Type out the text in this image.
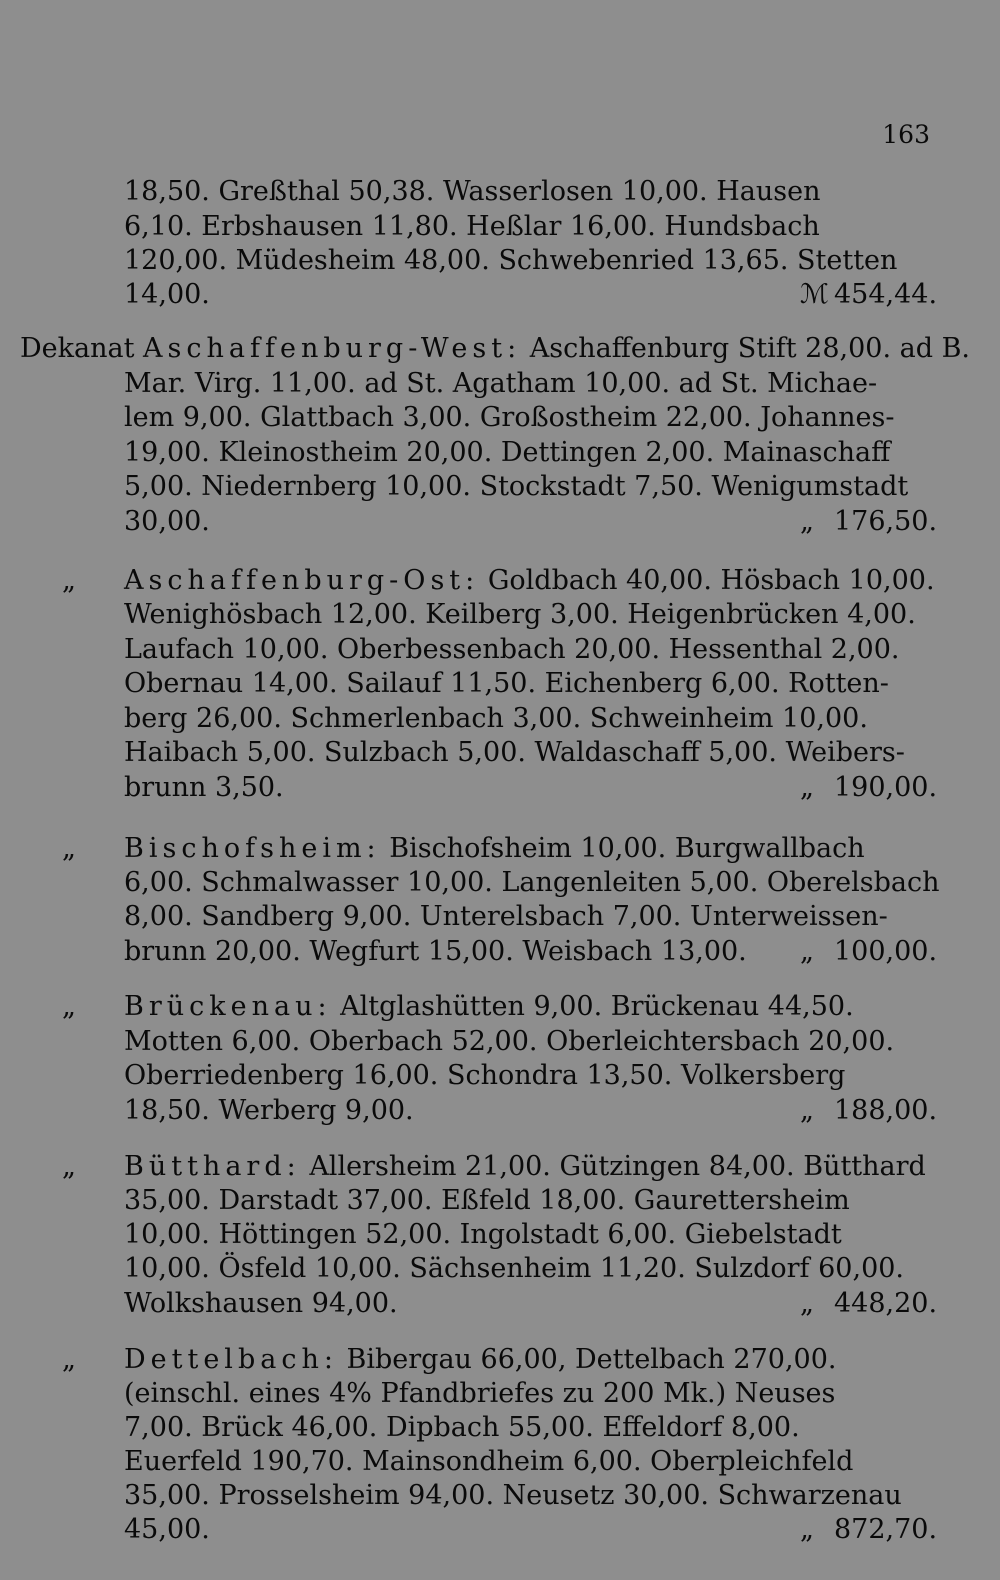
163
18,50. Greßthal 50,38. Wasserlosen 10,00. Hausen
6,10. Erbshausen 11,80. Heßlar 16,00. Hundsbach
120,00. Müdesheim 48,00. Schwebenried 13,65. Stetten
14,00.	ℳ 454,44.
Dekanat Aschaffenburg-West: Aschaffenburg Stift 28,00. ad B.
Mar. Virg. 11,00. ad St. Agatham 10,00. ad St. Michae-
lem 9,00. Glattbach 3,00. Großostheim 22,00. Johannes-
19,00. Kleinostheim 20,00. Dettingen 2,00. Mainaschaff
5,00. Niedernberg 10,00. Stockstadt 7,50. Wenigumstadt
30,00.	„ 176,50.
„	Aschaffenburg-Ost: Goldbach 40,00. Hösbach 10,00.
Wenighösbach 12,00. Keilberg 3,00. Heigenbrücken 4,00.
Laufach 10,00. Oberbessenbach 20,00. Hessenthal 2,00.
Obernau 14,00. Sailauf 11,50. Eichenberg 6,00. Rotten-
berg 26,00. Schmerlenbach 3,00. Schweinheim 10,00.
Haibach 5,00. Sulzbach 5,00. Waldaschaff 5,00. Weibers-
brunn 3,50.	„ 190,00.
„	Bischofsheim: Bischofsheim 10,00. Burgwallbach
6,00. Schmalwasser 10,00. Langenleiten 5,00. Oberelsbach
8,00. Sandberg 9,00. Unterelsbach 7,00. Unterweissen-
brunn 20,00. Wegfurt 15,00. Weisbach 13,00.	„ 100,00.
„	Brückenau: Altglashütten 9,00. Brückenau 44,50.
Motten 6,00. Oberbach 52,00. Oberleichtersbach 20,00.
Oberriedenberg 16,00. Schondra 13,50. Volkersberg
18,50. Werberg 9,00.	„ 188,00.
„	Bütthard: Allersheim 21,00. Gützingen 84,00. Bütthard
35,00. Darstadt 37,00. Eßfeld 18,00. Gaurettersheim
10,00. Höttingen 52,00. Ingolstadt 6,00. Giebelstadt
10,00. Ösfeld 10,00. Sächsenheim 11,20. Sulzdorf 60,00.
Wolkshausen 94,00.	„ 448,20.
„	Dettelbach: Bibergau 66,00, Dettelbach 270,00.
(einschl. eines 4% Pfandbriefes zu 200 Mk.) Neuses
7,00. Brück 46,00. Dipbach 55,00. Effeldorf 8,00.
Euerfeld 190,70. Mainsondheim 6,00. Oberpleichfeld
35,00. Prosselsheim 94,00. Neusetz 30,00. Schwarzenau
45,00.	„ 872,70.
